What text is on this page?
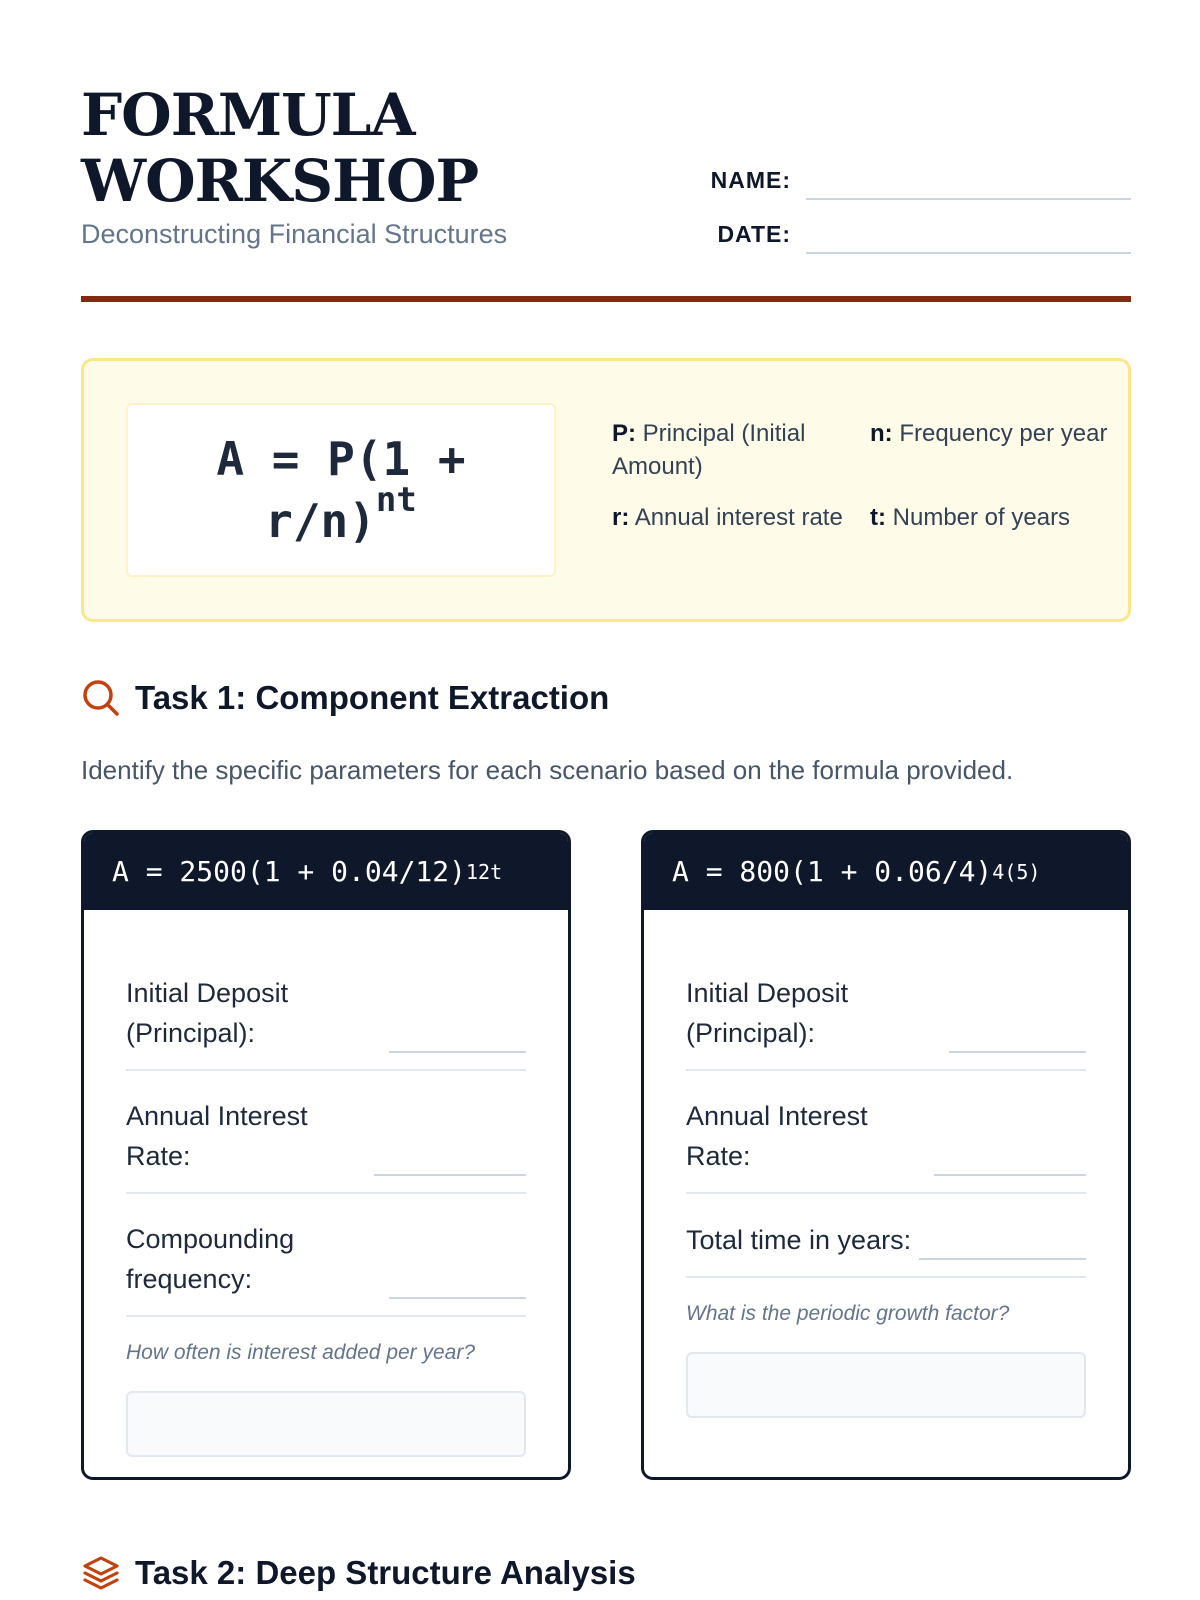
FORMULA
WORKSHOP
Deconstructing Financial Structures
NAME:
DATE:
$A = P(1 + r/n)^{nt}$
P: Principal (Initial Amount)
n: Frequency per year
r: Annual interest rate	t: Number of years
Task 1: Component Extraction

Identify the specific parameters for each scenario based on the formula provided.

A = 2500(1 + 0.04/12) 12t
Initial Deposit (Principal):
Annual Interest Rate:
Compounding frequency:

How often is interest added per year?

A = 800(1 + 0.06/4) 4(5)
Initial Deposit (Principal):
Annual Interest Rate:
Total time in years:

What is the periodic growth factor?

Task 2: Deep Structure Analysis
